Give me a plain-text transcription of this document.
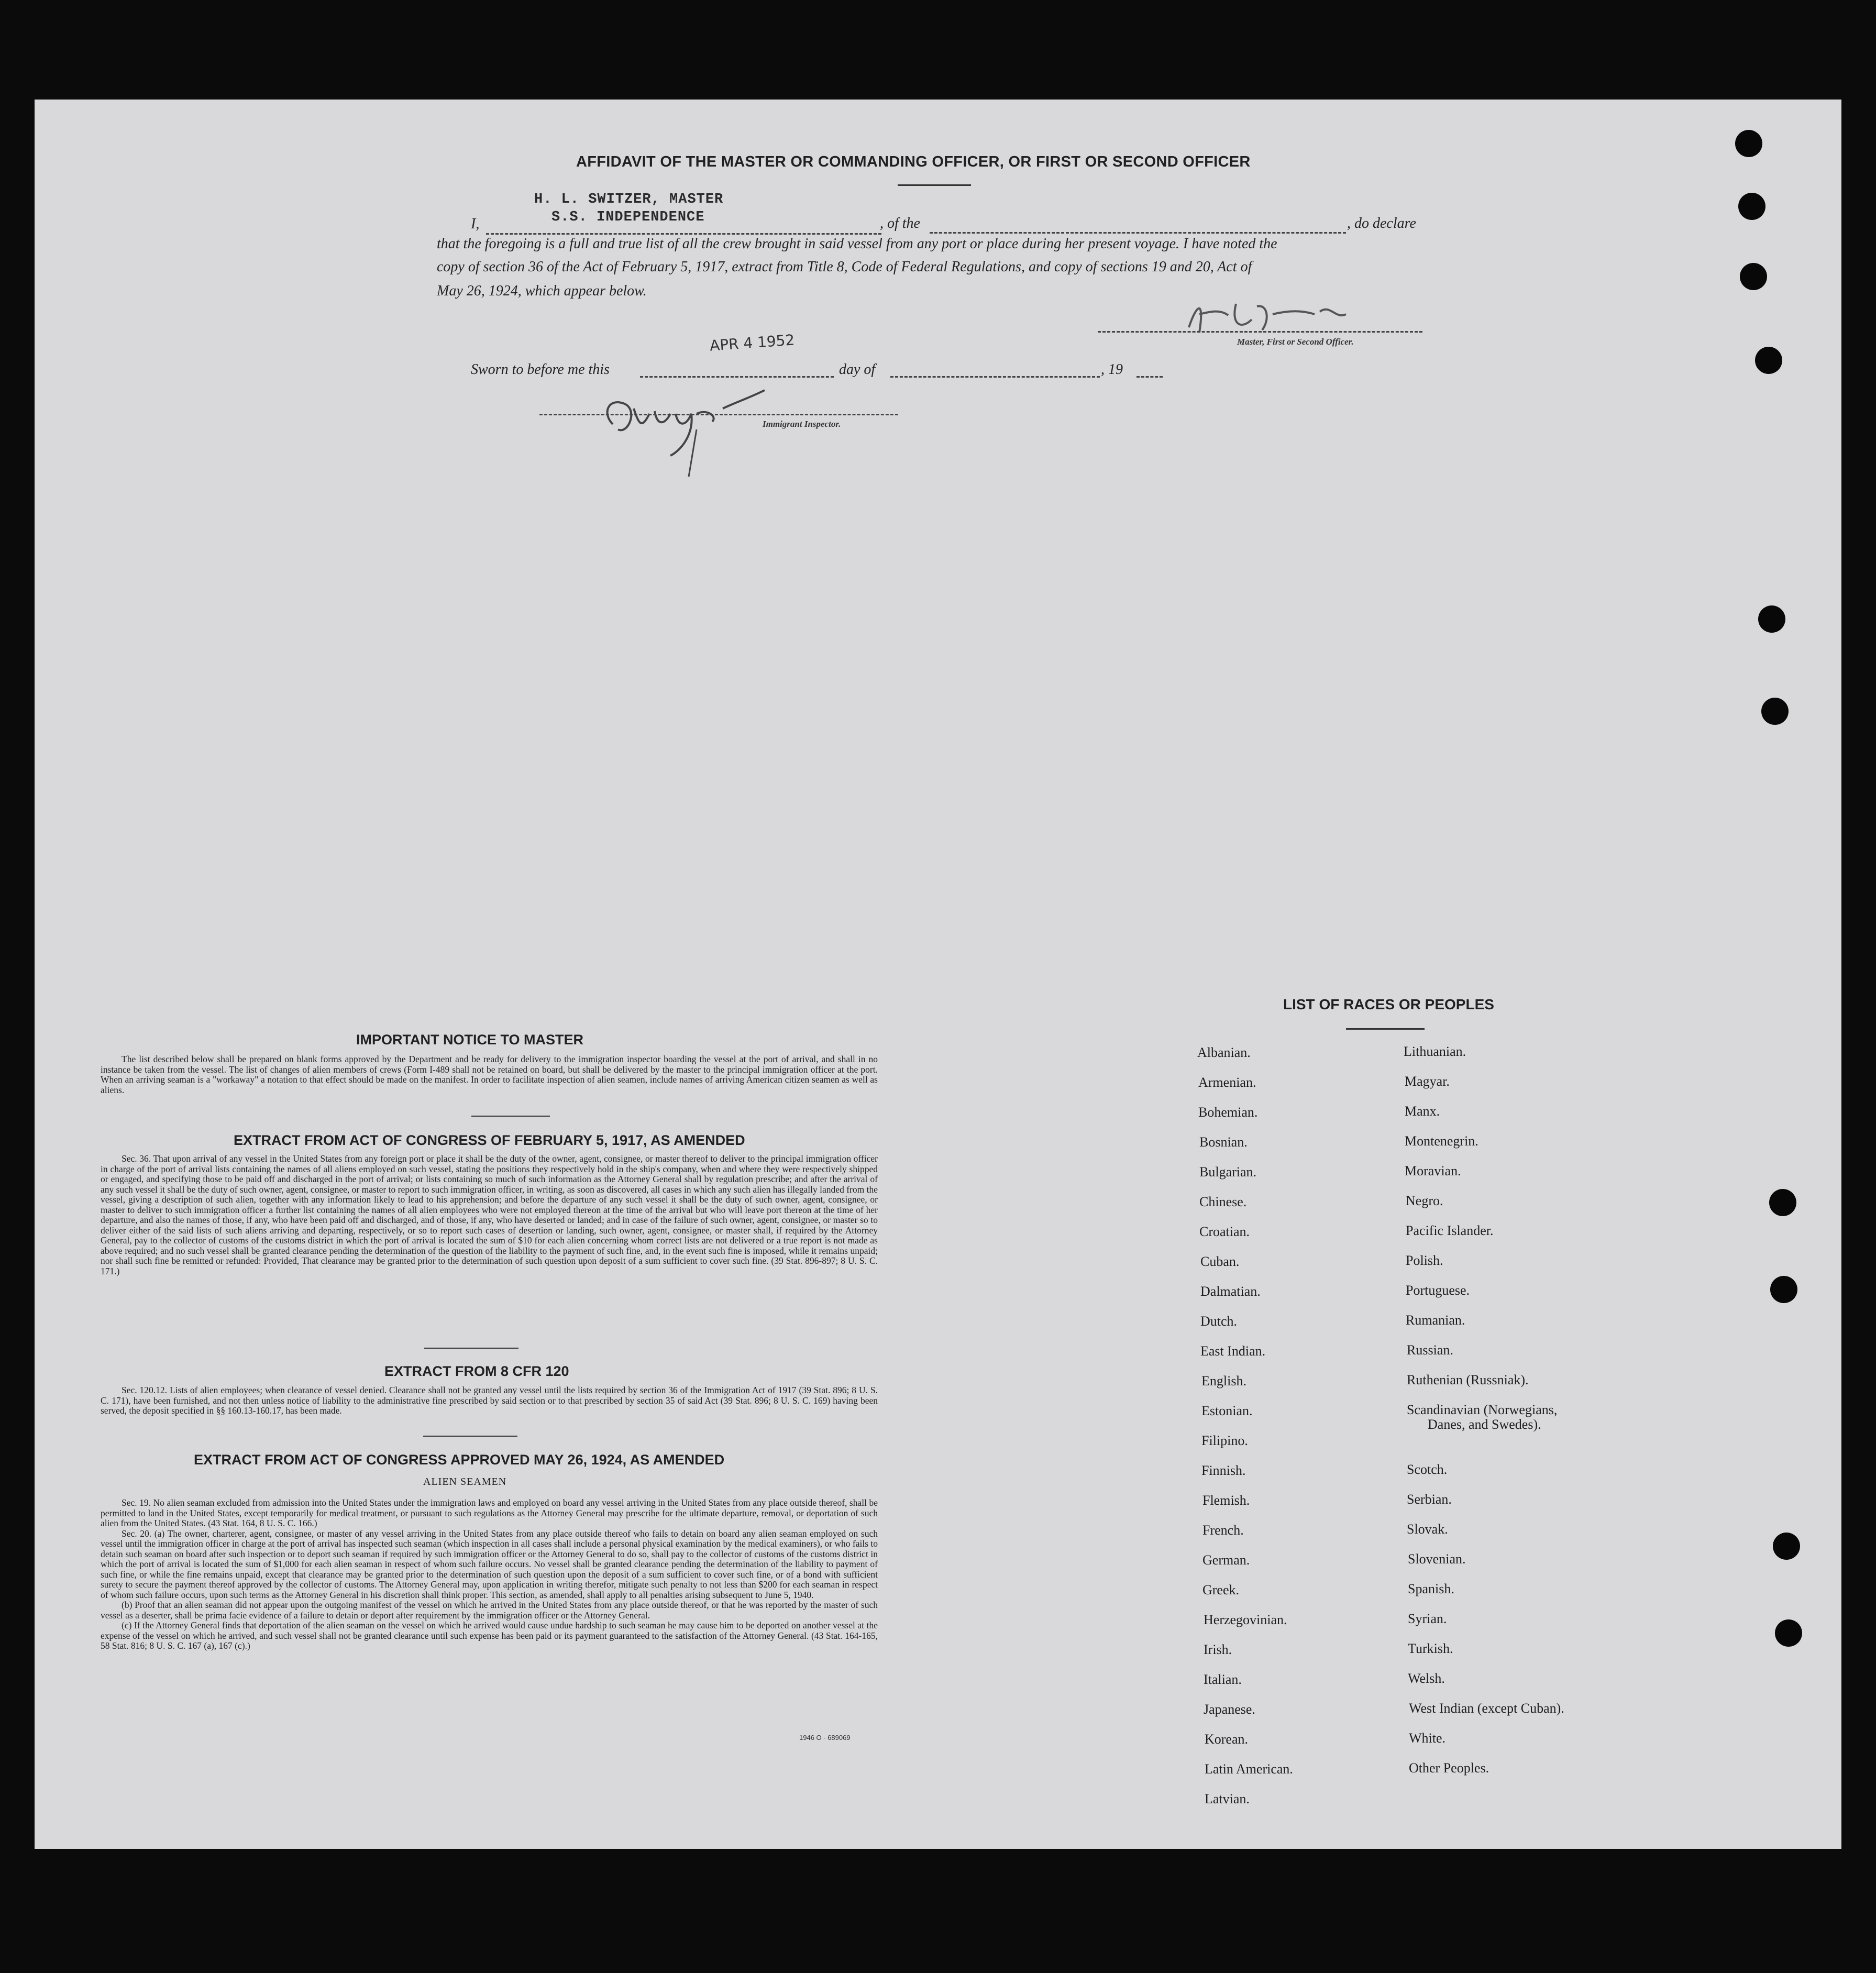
AFFIDAVIT OF THE MASTER OR COMMANDING OFFICER, OR FIRST OR SECOND OFFICER
I,
H. L. SWITZER, MASTER
S.S. INDEPENDENCE	, of the	, do declare
that the foregoing is a full and true list of all the crew brought in said vessel from any port or place during her present voyage. I have noted the
copy of section 36 of the Act of February 5, 1917, extract from Title 8, Code of Federal Regulations, and copy of sections 19 and 20, Act of
May 26, 1924, which appear below.
Master, First or Second Officer.
Sworn to before me this
APR 4 1952
day of	, 19
Immigrant Inspector.
IMPORTANT NOTICE TO MASTER

The list described below shall be prepared on blank forms approved by the Department and be ready for delivery to the immigration inspector boarding the vessel at the port of arrival, and shall in no instance be taken from the vessel. The list of changes of alien members of crews (Form I-489 shall not be retained on board, but shall be delivered by the master to the principal immigration officer at the port. When an arriving seaman is a "workaway" a notation to that effect should be made on the manifest. In order to facilitate inspection of alien seamen, include names of arriving American citizen seamen as well as aliens.

EXTRACT FROM ACT OF CONGRESS OF FEBRUARY 5, 1917, AS AMENDED

Sec. 36. That upon arrival of any vessel in the United States from any foreign port or place it shall be the duty of the owner, agent, consignee, or master thereof to deliver to the principal immigration officer in charge of the port of arrival lists containing the names of all aliens employed on such vessel, stating the positions they respectively hold in the ship's company, when and where they were respectively shipped or engaged, and specifying those to be paid off and discharged in the port of arrival; or lists containing so much of such information as the Attorney General shall by regulation prescribe; and after the arrival of any such vessel it shall be the duty of such owner, agent, consignee, or master to report to such immigration officer, in writing, as soon as discovered, all cases in which any such alien has illegally landed from the vessel, giving a description of such alien, together with any information likely to lead to his apprehension; and before the departure of any such vessel it shall be the duty of such owner, agent, consignee, or master to deliver to such immigration officer a further list containing the names of all alien employees who were not employed thereon at the time of the arrival but who will leave port thereon at the time of her departure, and also the names of those, if any, who have been paid off and discharged, and of those, if any, who have deserted or landed; and in case of the failure of such owner, agent, consignee, or master so to deliver either of the said lists of such aliens arriving and departing, respectively, or so to report such cases of desertion or landing, such owner, agent, consignee, or master shall, if required by the Attorney General, pay to the collector of customs of the customs district in which the port of arrival is located the sum of $10 for each alien concerning whom correct lists are not delivered or a true report is not made as above required; and no such vessel shall be granted clearance pending the determination of the question of the liability to the payment of such fine, and, in the event such fine is imposed, while it remains unpaid; nor shall such fine be remitted or refunded: Provided, That clearance may be granted prior to the determination of such question upon deposit of a sum sufficient to cover such fine. (39 Stat. 896-897; 8 U. S. C. 171.)

EXTRACT FROM 8 CFR 120

Sec. 120.12. Lists of alien employees; when clearance of vessel denied. Clearance shall not be granted any vessel until the lists required by section 36 of the Immigration Act of 1917 (39 Stat. 896; 8 U. S. C. 171), have been furnished, and not then unless notice of liability to the administrative fine prescribed by said section or to that prescribed by section 35 of said Act (39 Stat. 896; 8 U. S. C. 169) having been served, the deposit specified in §§ 160.13-160.17, has been made.

EXTRACT FROM ACT OF CONGRESS APPROVED MAY 26, 1924, AS AMENDED
ALIEN SEAMEN

Sec. 19. No alien seaman excluded from admission into the United States under the immigration laws and employed on board any vessel arriving in the United States from any place outside thereof, shall be permitted to land in the United States, except temporarily for medical treatment, or pursuant to such regulations as the Attorney General may prescribe for the ultimate departure, removal, or deportation of such alien from the United States. (43 Stat. 164, 8 U. S. C. 166.)

Sec. 20. (a) The owner, charterer, agent, consignee, or master of any vessel arriving in the United States from any place outside thereof who fails to detain on board any alien seaman employed on such vessel until the immigration officer in charge at the port of arrival has inspected such seaman (which inspection in all cases shall include a personal physical examination by the medical examiners), or who fails to detain such seaman on board after such inspection or to deport such seaman if required by such immigration officer or the Attorney General to do so, shall pay to the collector of customs of the customs district in which the port of arrival is located the sum of $1,000 for each alien seaman in respect of whom such failure occurs. No vessel shall be granted clearance pending the determination of the liability to payment of such fine, or while the fine remains unpaid, except that clearance may be granted prior to the determination of such question upon the deposit of a sum sufficient to cover such fine, or of a bond with sufficient surety to secure the payment thereof approved by the collector of customs. The Attorney General may, upon application in writing therefor, mitigate such penalty to not less than $200 for each seaman in respect of whom such failure occurs, upon such terms as the Attorney General in his discretion shall think proper. This section, as amended, shall apply to all penalties arising subsequent to June 5, 1940.

(b) Proof that an alien seaman did not appear upon the outgoing manifest of the vessel on which he arrived in the United States from any place outside thereof, or that he was reported by the master of such vessel as a deserter, shall be prima facie evidence of a failure to detain or deport after requirement by the immigration officer or the Attorney General.

(c) If the Attorney General finds that deportation of the alien seaman on the vessel on which he arrived would cause undue hardship to such seaman he may cause him to be deported on another vessel at the expense of the vessel on which he arrived, and such vessel shall not be granted clearance until such expense has been paid or its payment guaranteed to the satisfaction of the Attorney General. (43 Stat. 164-165, 58 Stat. 816; 8 U. S. C. 167 (a), 167 (c).)

1946 O - 689069
LIST OF RACES OR PEOPLES
Albanian.
Armenian.
Bohemian.
Bosnian.
Bulgarian.
Chinese.
Croatian.
Cuban.
Dalmatian.
Dutch.
East Indian.
English.
Estonian.
Filipino.
Finnish.
Flemish.
French.
German.
Greek.
Herzegovinian.
Irish.
Italian.
Japanese.
Korean.
Latin American.
Latvian.
Lithuanian.
Magyar.
Manx.
Montenegrin.
Moravian.
Negro.
Pacific Islander.
Polish.
Portuguese.
Rumanian.
Russian.
Ruthenian (Russniak).
Scandinavian (Norwegians,
Danes, and Swedes).
Scotch.
Serbian.
Slovak.
Slovenian.
Spanish.
Syrian.
Turkish.
Welsh.
West Indian (except Cuban).
White.
Other Peoples.
